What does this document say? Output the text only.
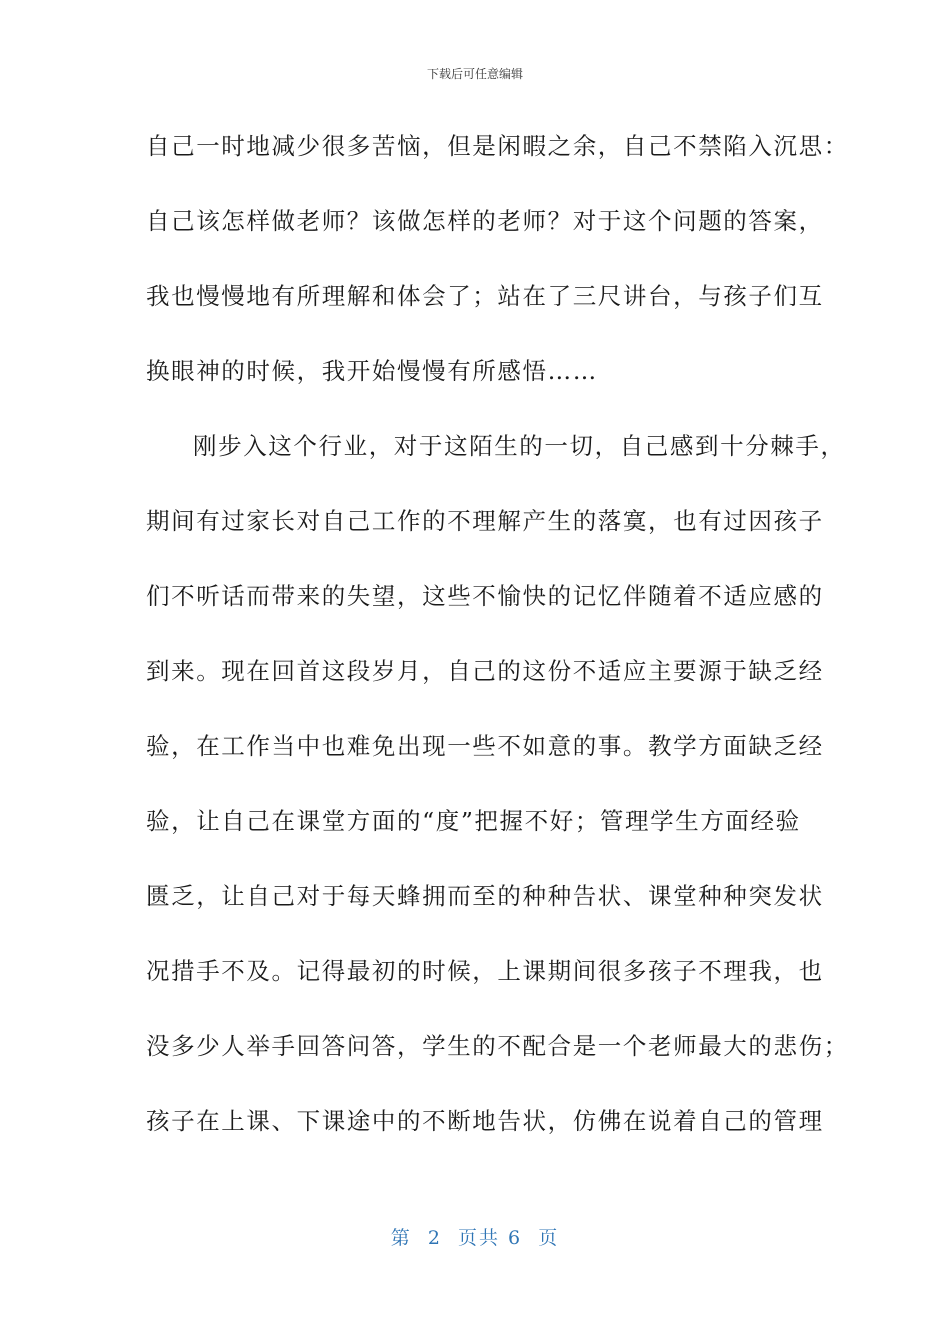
下载后可任意编辑
自己一时地减少很多苦恼，但是闲暇之余，自己不禁陷入沉思：
自己该怎样做老师？该做怎样的老师？对于这个问题的答案，
我也慢慢地有所理解和体会了；站在了三尺讲台，与孩子们互
换眼神的时候，我开始慢慢有所感悟……
刚步入这个行业，对于这陌生的一切，自己感到十分棘手，
期间有过家长对自己工作的不理解产生的落寞，也有过因孩子
们不听话而带来的失望，这些不愉快的记忆伴随着不适应感的
到来。现在回首这段岁月，自己的这份不适应主要源于缺乏经
验，在工作当中也难免出现一些不如意的事。教学方面缺乏经
验，让自己在课堂方面的“度”把握不好；管理学生方面经验
匮乏，让自己对于每天蜂拥而至的种种告状、课堂种种突发状
况措手不及。记得最初的时候，上课期间很多孩子不理我，也
没多少人举手回答问答，学生的不配合是一个老师最大的悲伤；
孩子在上课、下课途中的不断地告状，仿佛在说着自己的管理
第  2  页共 6  页
